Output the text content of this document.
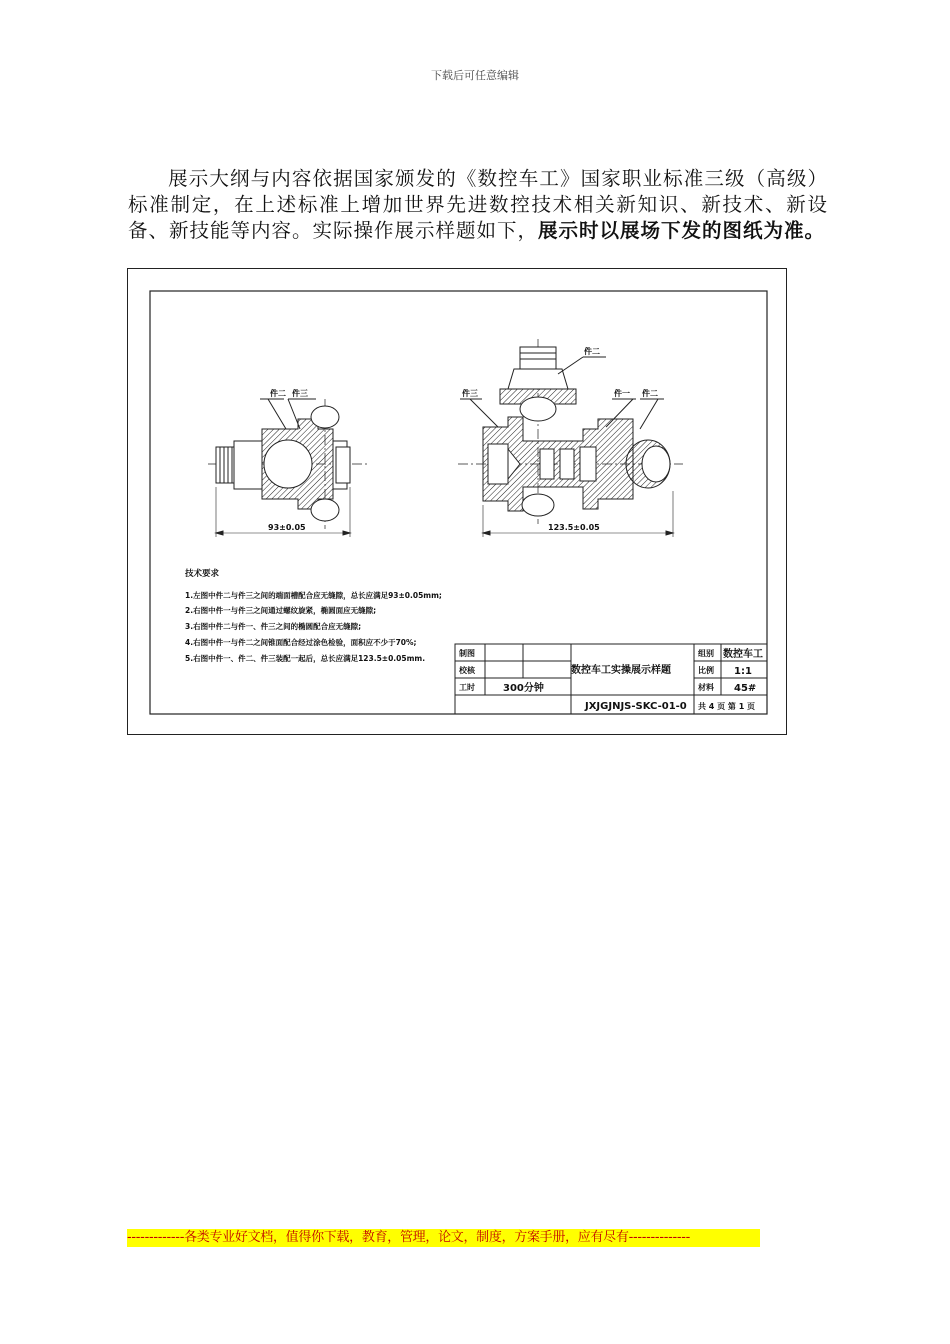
下载后可任意编辑
展示大纲与内容依据国家颁发的《数控车工》国家职业标准三级（高级）标准制定，在上述标准上增加世界先进数控技术相关新知识、新技术、新设备、新技能等内容。实际操作展示样题如下，展示时以展场下发的图纸为准。
件二 件三
93±0.05
件三
件二
件一 件二
123.5±0.05
技术要求
1.左图中件二与件三之间的端面槽配合应无缝隙，总长应满足93±0.05mm;
2.右图中件一与件三之间通过螺纹旋紧，椭圆面应无缝隙;
3.右图中件二与件一、件三之间的椭圆配合应无缝隙;
4.右图中件一与件二之间锥面配合经过涂色检验，面积应不少于70%;
5.右图中件一、件二、件三装配一起后，总长应满足123.5±0.05mm.
制图
校核
工时	300分钟
数控车工实操展示样题
组别 数控车工
比例 1:1
材料 45#
JXJGJNJS-SKC-01-0 共 4 页 第 1 页
-------------各类专业好文档，值得你下载，教育，管理，论文，制度，方案手册，应有尽有--------------
